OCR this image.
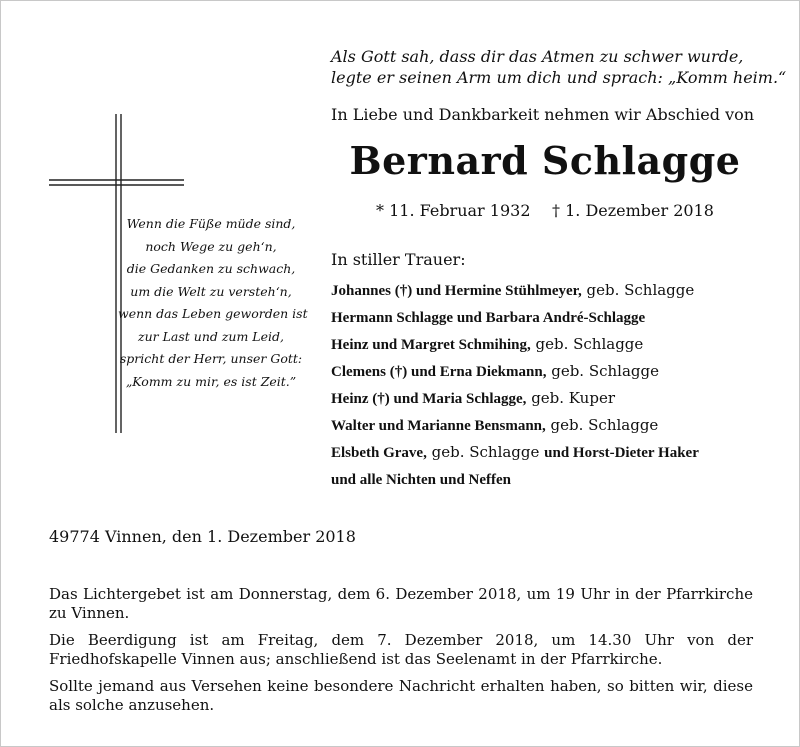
Als Gott sah, dass dir das Atmen zu schwer wurde,
legte er seinen Arm um dich und sprach: „Komm heim.“
In Liebe und Dankbarkeit nehmen wir Abschied von
Bernard Schlagge
* 11. Februar 1932 † 1. Dezember 2018
Wenn die Füße müde sind,
noch Wege zu geh‘n,
die Gedanken zu schwach,
um die Welt zu versteh‘n,
wenn das Leben geworden ist
zur Last und zum Leid,
spricht der Herr, unser Gott:
„Komm zu mir, es ist Zeit.”
In stiller Trauer:
Johannes (†) und Hermine Stühlmeyer, geb. Schlagge
Hermann Schlagge und Barbara André-Schlagge
Heinz und Margret Schmihing, geb. Schlagge
Clemens (†) und Erna Diekmann, geb. Schlagge
Heinz (†) und Maria Schlagge, geb. Kuper
Walter und Marianne Bensmann, geb. Schlagge
Elsbeth Grave, geb. Schlagge und Horst-Dieter Haker
und alle Nichten und Neffen
49774 Vinnen, den 1. Dezember 2018

Das Lichtergebet ist am Donnerstag, dem 6. Dezember 2018, um 19 Uhr in der Pfarrkirche zu Vinnen.

Die Beerdigung ist am Freitag, dem 7. Dezember 2018, um 14.30 Uhr von der Friedhofskapelle Vinnen aus; anschließend ist das Seelenamt in der Pfarrkirche.

Sollte jemand aus Versehen keine besondere Nachricht erhalten haben, so bitten wir, diese als solche anzusehen.
